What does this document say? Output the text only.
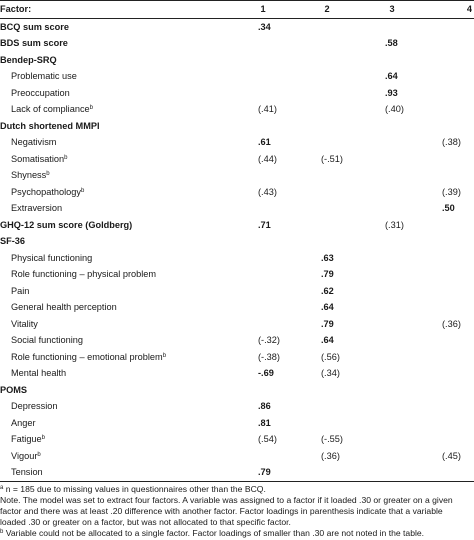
Factor:	1	2	3	4
BCQ sum score	.34			
BDS sum score			.58	
Bendep-SRQ				
Problematic use			.64	
Preoccupation			.93	
Lack of compliance$^b$	(.41)		(.40)	
Dutch shortened MMPI				
Negativism	.61			(.38)
Somatisation$^b$	(.44)	(-.51)		
Shyness$^b$				
Psychopathology$^b$	(.43)			(.39)
Extraversion				.50
GHQ-12 sum score (Goldberg)	.71		(.31)	
SF-36				
Physical functioning		.63		
Role functioning – physical problem		.79		
Pain		.62		
General health perception		.64		
Vitality		.79		(.36)
Social functioning	(-.32)	.64		
Role functioning – emotional problem$^b$	(-.38)	(.56)		
Mental health	-.69	(.34)		
POMS				
Depression	.86			
Anger	.81			
Fatigue$^b$	(.54)	(-.55)		
Vigour$^b$		(.36)		(.45)
Tension	.79			
$^a$ n = 185 due to missing values in questionnaires other than the BCQ.
Note. The model was set to extract four factors. A variable was assigned to a factor if it loaded .30 or greater on a given
factor and there was at least .20 difference with another factor. Factor loadings in parenthesis indicate that a variable
loaded .30 or greater on a factor, but was not allocated to that specific factor.
$^b$ Variable could not be allocated to a single factor. Factor loadings of smaller than .30 are not noted in the table.
